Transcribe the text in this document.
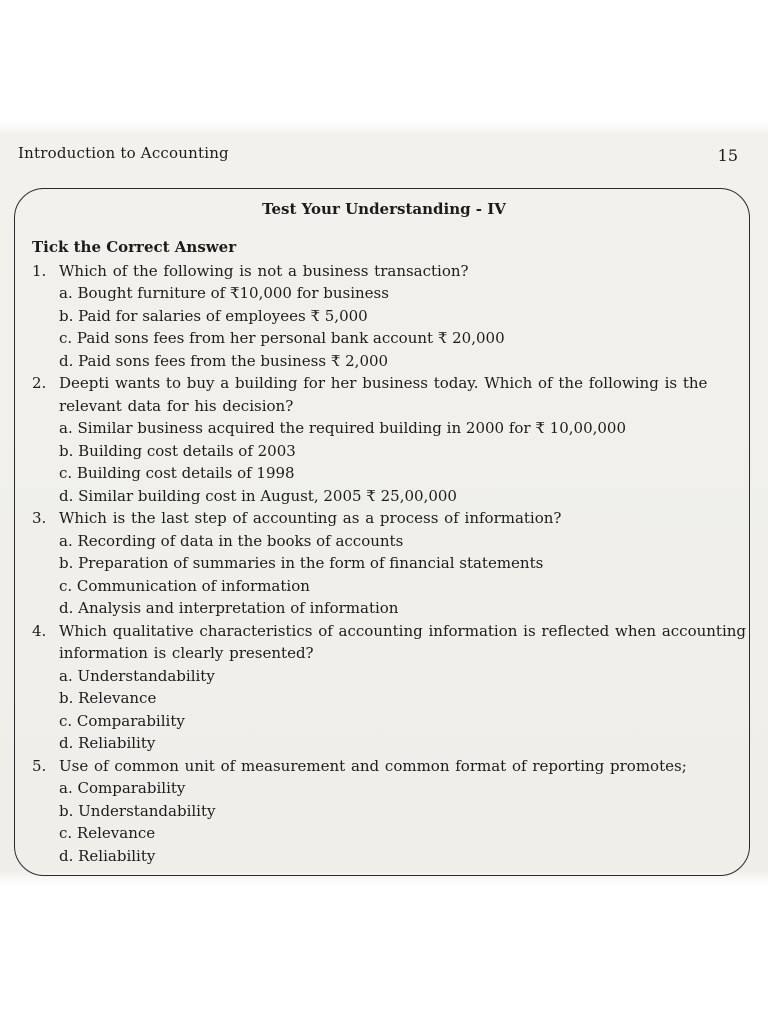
Introduction to Accounting	15
Test Your Understanding - IV
Tick the Correct Answer
1. Which of the following is not a business transaction?
a. Bought furniture of ₹10,000 for business
b. Paid for salaries of employees ₹ 5,000
c. Paid sons fees from her personal bank account ₹ 20,000
d. Paid sons fees from the business ₹ 2,000
2. Deepti wants to buy a building for her business today. Which of the following is the relevant data for his decision?
a. Similar business acquired the required building in 2000 for ₹ 10,00,000
b. Building cost details of 2003
c. Building cost details of 1998
d. Similar building cost in August, 2005 ₹ 25,00,000
3. Which is the last step of accounting as a process of information?
a. Recording of data in the books of accounts
b. Preparation of summaries in the form of financial statements
c. Communication of information
d. Analysis and interpretation of information
4. Which qualitative characteristics of accounting information is reflected when accounting information is clearly presented?
a. Understandability
b. Relevance
c. Comparability
d. Reliability
5. Use of common unit of measurement and common format of reporting promotes;
a. Comparability
b. Understandability
c. Relevance
d. Reliability
